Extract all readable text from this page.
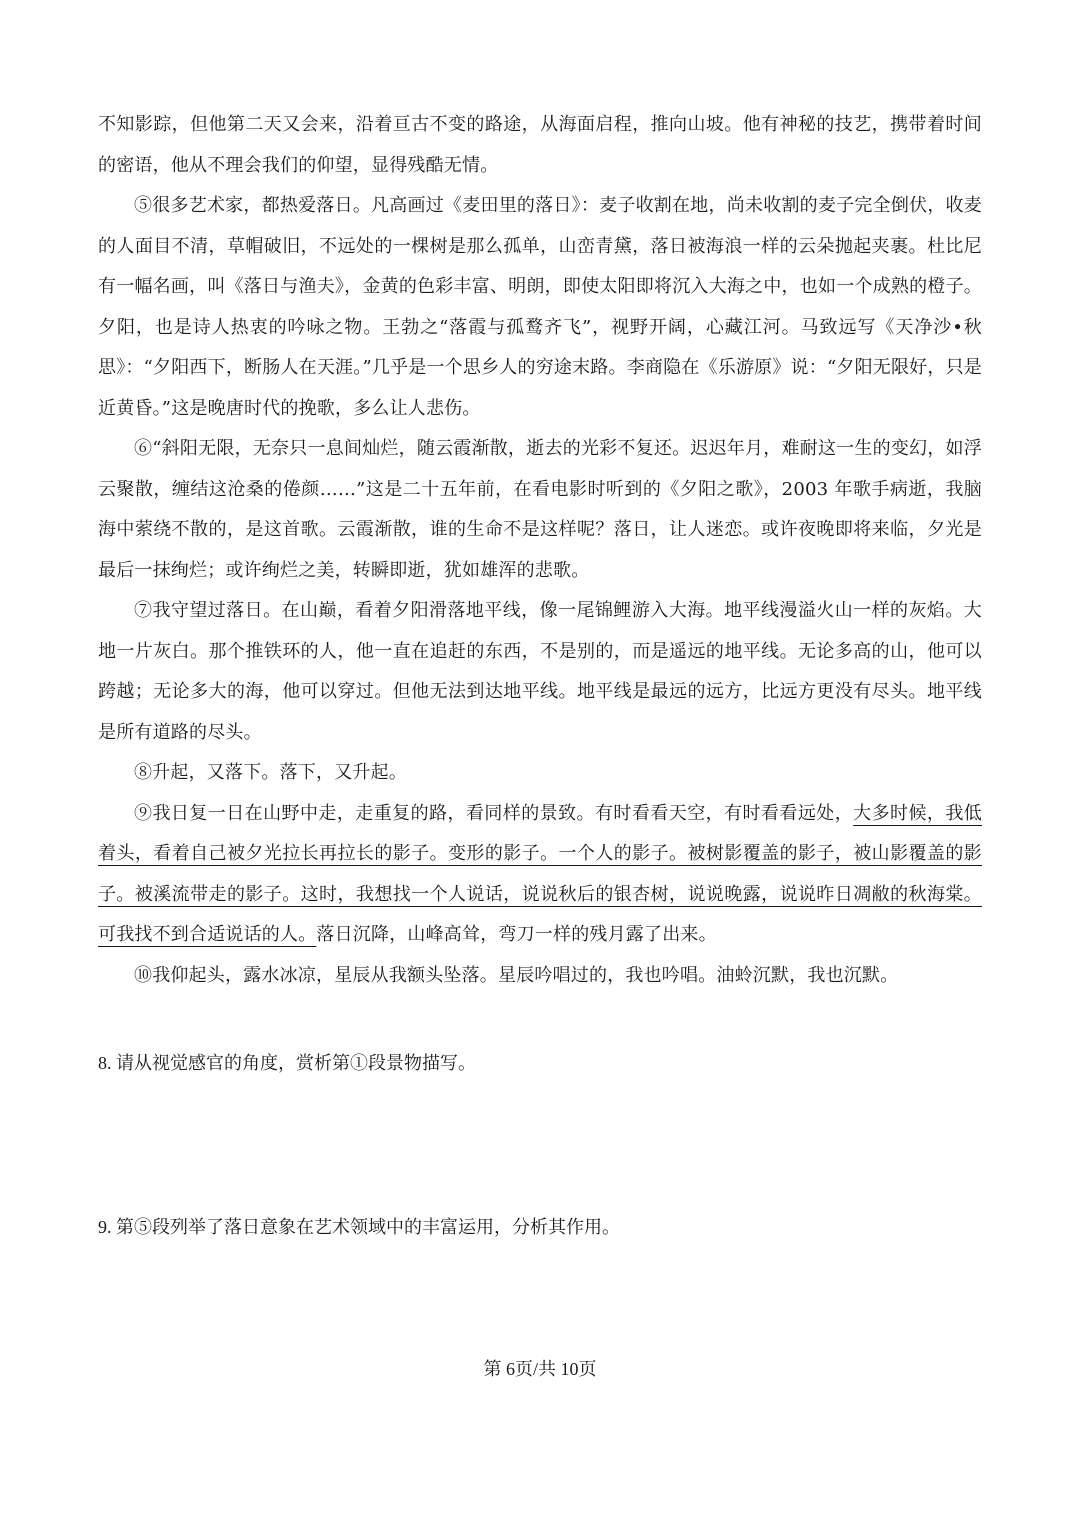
不知影踪，但他第二天又会来，沿着亘古不变的路途，从海面启程，推向山坡。他有神秘的技艺，携带着时间的密语，他从不理会我们的仰望，显得残酷无情。

⑤很多艺术家，都热爱落日。凡高画过《麦田里的落日》：麦子收割在地，尚未收割的麦子完全倒伏，收麦的人面目不清，草帽破旧，不远处的一棵树是那么孤单，山峦青黛，落日被海浪一样的云朵抛起夹裹。杜比尼有一幅名画，叫《落日与渔夫》，金黄的色彩丰富、明朗，即使太阳即将沉入大海之中，也如一个成熟的橙子。夕阳，也是诗人热衷的吟咏之物。王勃之“落霞与孤鹜齐飞”，视野开阔，心藏江河。马致远写《天净沙•秋思》：“夕阳西下，断肠人在天涯。”几乎是一个思乡人的穷途末路。李商隐在《乐游原》说：“夕阳无限好，只是近黄昏。”这是晚唐时代的挽歌，多么让人悲伤。

⑥“斜阳无限，无奈只一息间灿烂，随云霞渐散，逝去的光彩不复还。迟迟年月，难耐这一生的变幻，如浮云聚散，缠结这沧桑的倦颜……”这是二十五年前，在看电影时听到的《夕阳之歌》，2003 年歌手病逝，我脑海中萦绕不散的，是这首歌。云霞渐散，谁的生命不是这样呢？落日，让人迷恋。或许夜晚即将来临，夕光是最后一抹绚烂；或许绚烂之美，转瞬即逝，犹如雄浑的悲歌。

⑦我守望过落日。在山巅，看着夕阳滑落地平线，像一尾锦鲤游入大海。地平线漫溢火山一样的灰焰。大地一片灰白。那个推铁环的人，他一直在追赶的东西，不是别的，而是遥远的地平线。无论多高的山，他可以跨越；无论多大的海，他可以穿过。但他无法到达地平线。地平线是最远的远方，比远方更没有尽头。地平线是所有道路的尽头。

⑧升起，又落下。落下，又升起。

⑨我日复一日在山野中走，走重复的路，看同样的景致。有时看看天空，有时看看远处，大多时候，我低着头，看着自己被夕光拉长再拉长的影子。变形的影子。一个人的影子。被树影覆盖的影子，被山影覆盖的影子。被溪流带走的影子。这时，我想找一个人说话，说说秋后的银杏树，说说晚露，说说昨日凋敝的秋海棠。可我找不到合适说话的人。落日沉降，山峰高耸，弯刀一样的残月露了出来。

⑩我仰起头，露水冰凉，星辰从我额头坠落。星辰吟唱过的，我也吟唱。油蛉沉默，我也沉默。

8. 请从视觉感官的角度，赏析第①段景物描写。

9. 第⑤段列举了落日意象在艺术领域中的丰富运用，分析其作用。

第 6页/共 10页
